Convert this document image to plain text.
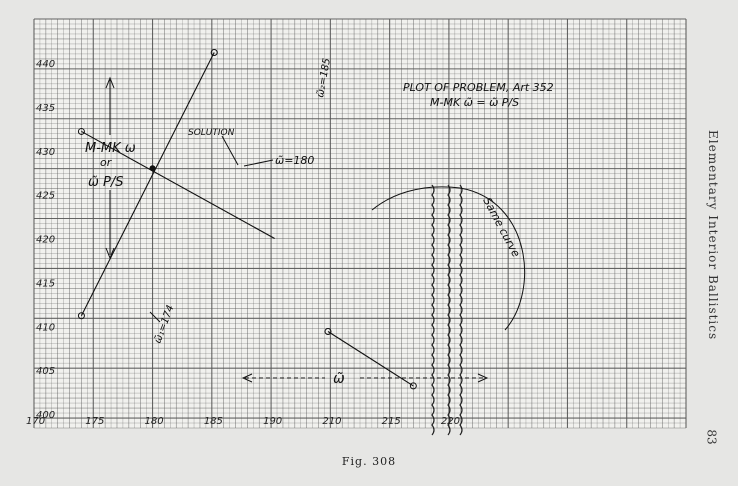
170	175	180	185	190	210	215	220
400
405
410
415
420
425
430
435
440
M-MK ω
or
ω̃ P/S
PLOT OF PROBLEM, Art 352
M-MK ω̃ = ω̃ P/S
SOLUTION
ω̃=180
ω̃₂=185
ω̃₁=174
Same curve
ω̃
Elementary Interior Ballistics
83
Fig. 308
